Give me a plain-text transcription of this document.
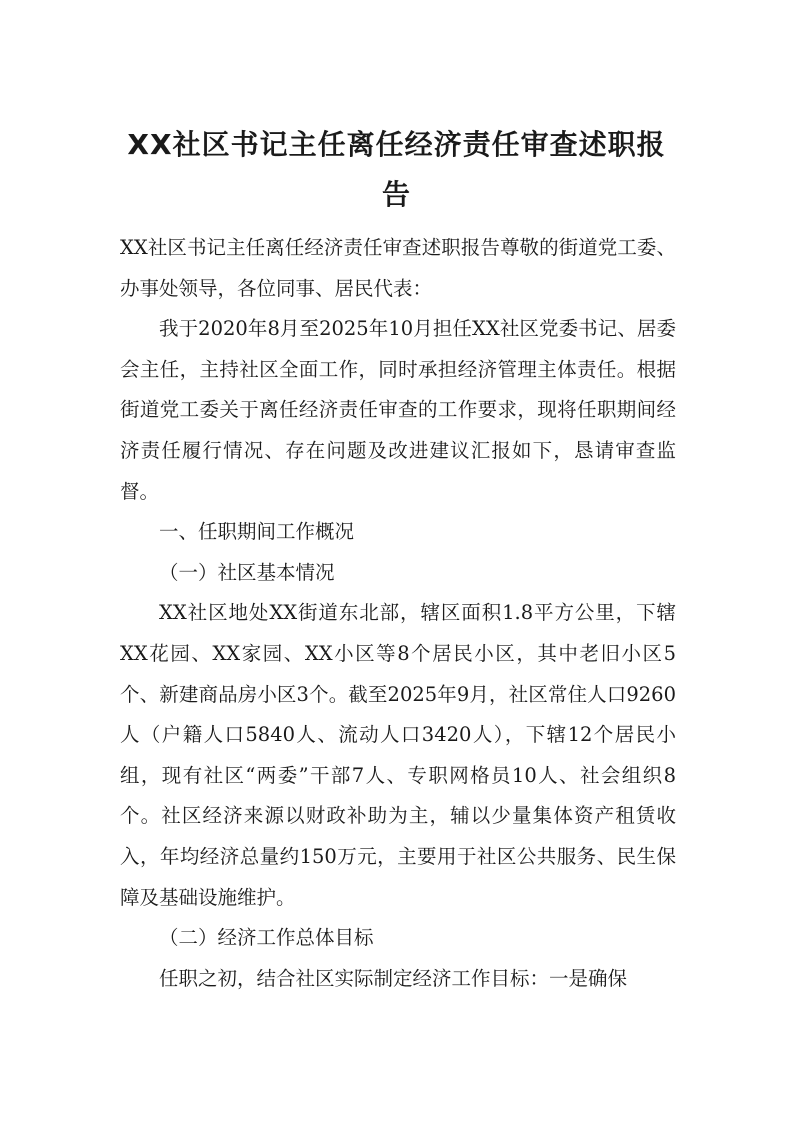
XX社区书记主任离任经济责任审查述职报
告

XX社区书记主任离任经济责任审查述职报告尊敬的街道党工委、办事处领导，各位同事、居民代表：

我于2020年8月至2025年10月担任XX社区党委书记、居委会主任，主持社区全面工作，同时承担经济管理主体责任。根据街道党工委关于离任经济责任审查的工作要求，现将任职期间经济责任履行情况、存在问题及改进建议汇报如下，恳请审查监督。

一、任职期间工作概况

（一）社区基本情况

XX社区地处XX街道东北部，辖区面积1.8平方公里，下辖XX花园、XX家园、XX小区等8个居民小区，其中老旧小区5个、新建商品房小区3个。截至2025年9月，社区常住人口9260人（户籍人口5840人、流动人口3420人），下辖12个居民小组，现有社区“两委”干部7人、专职网格员10人、社会组织8个。社区经济来源以财政补助为主，辅以少量集体资产租赁收入，年均经济总量约150万元，主要用于社区公共服务、民生保障及基础设施维护。

（二）经济工作总体目标

任职之初，结合社区实际制定经济工作目标：一是确保
